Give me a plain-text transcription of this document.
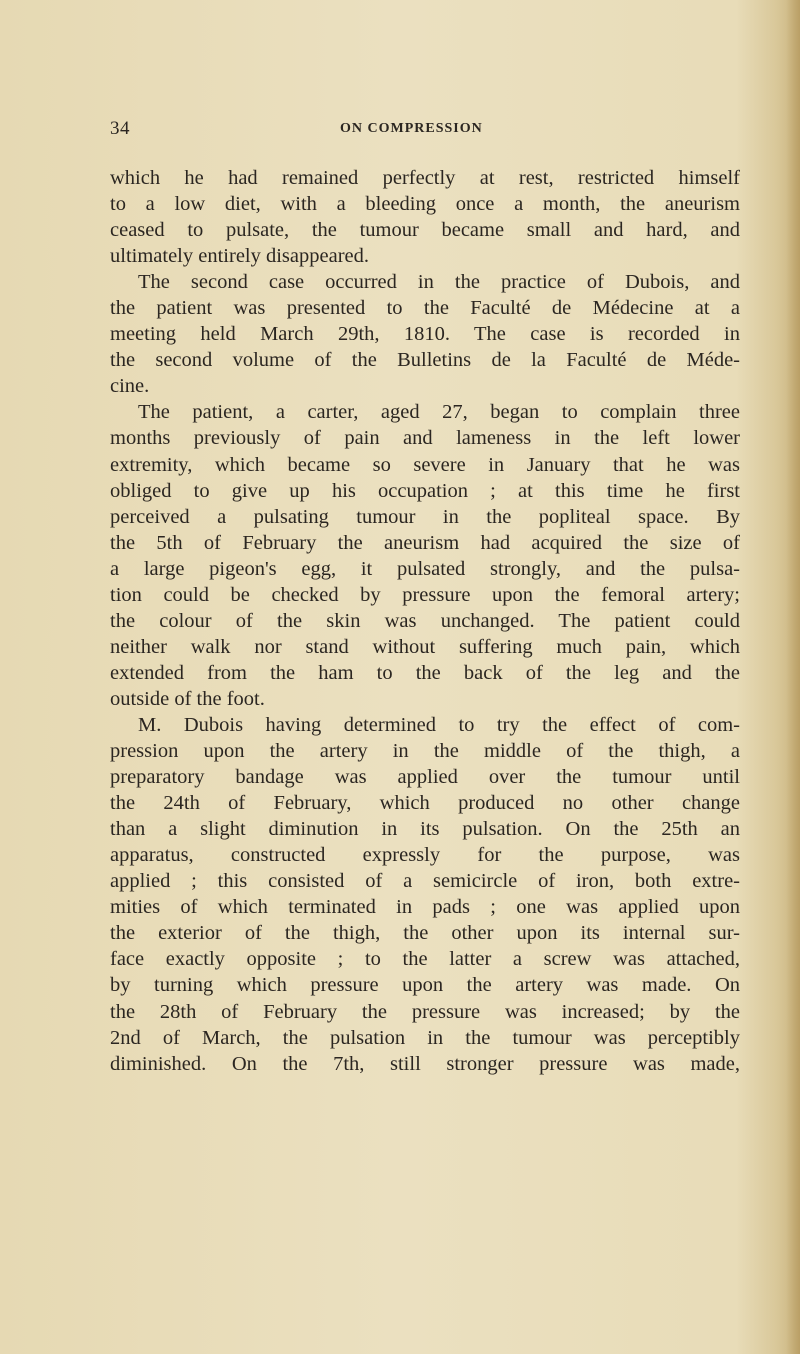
34	ON COMPRESSION
which he had remained perfectly at rest, restricted himself
to a low diet, with a bleeding once a month, the aneurism
ceased to pulsate, the tumour became small and hard, and
ultimately entirely disappeared.
The second case occurred in the practice of Dubois, and
the patient was presented to the Faculté de Médecine at a
meeting held March 29th, 1810. The case is recorded in
the second volume of the Bulletins de la Faculté de Méde-
cine.
The patient, a carter, aged 27, began to complain three
months previously of pain and lameness in the left lower
extremity, which became so severe in January that he was
obliged to give up his occupation ; at this time he first
perceived a pulsating tumour in the popliteal space. By
the 5th of February the aneurism had acquired the size of
a large pigeon's egg, it pulsated strongly, and the pulsa-
tion could be checked by pressure upon the femoral artery;
the colour of the skin was unchanged. The patient could
neither walk nor stand without suffering much pain, which
extended from the ham to the back of the leg and the
outside of the foot.
M. Dubois having determined to try the effect of com-
pression upon the artery in the middle of the thigh, a
preparatory bandage was applied over the tumour until
the 24th of February, which produced no other change
than a slight diminution in its pulsation. On the 25th an
apparatus, constructed expressly for the purpose, was
applied ; this consisted of a semicircle of iron, both extre-
mities of which terminated in pads ; one was applied upon
the exterior of the thigh, the other upon its internal sur-
face exactly opposite ; to the latter a screw was attached,
by turning which pressure upon the artery was made. On
the 28th of February the pressure was increased; by the
2nd of March, the pulsation in the tumour was perceptibly
diminished. On the 7th, still stronger pressure was made,
